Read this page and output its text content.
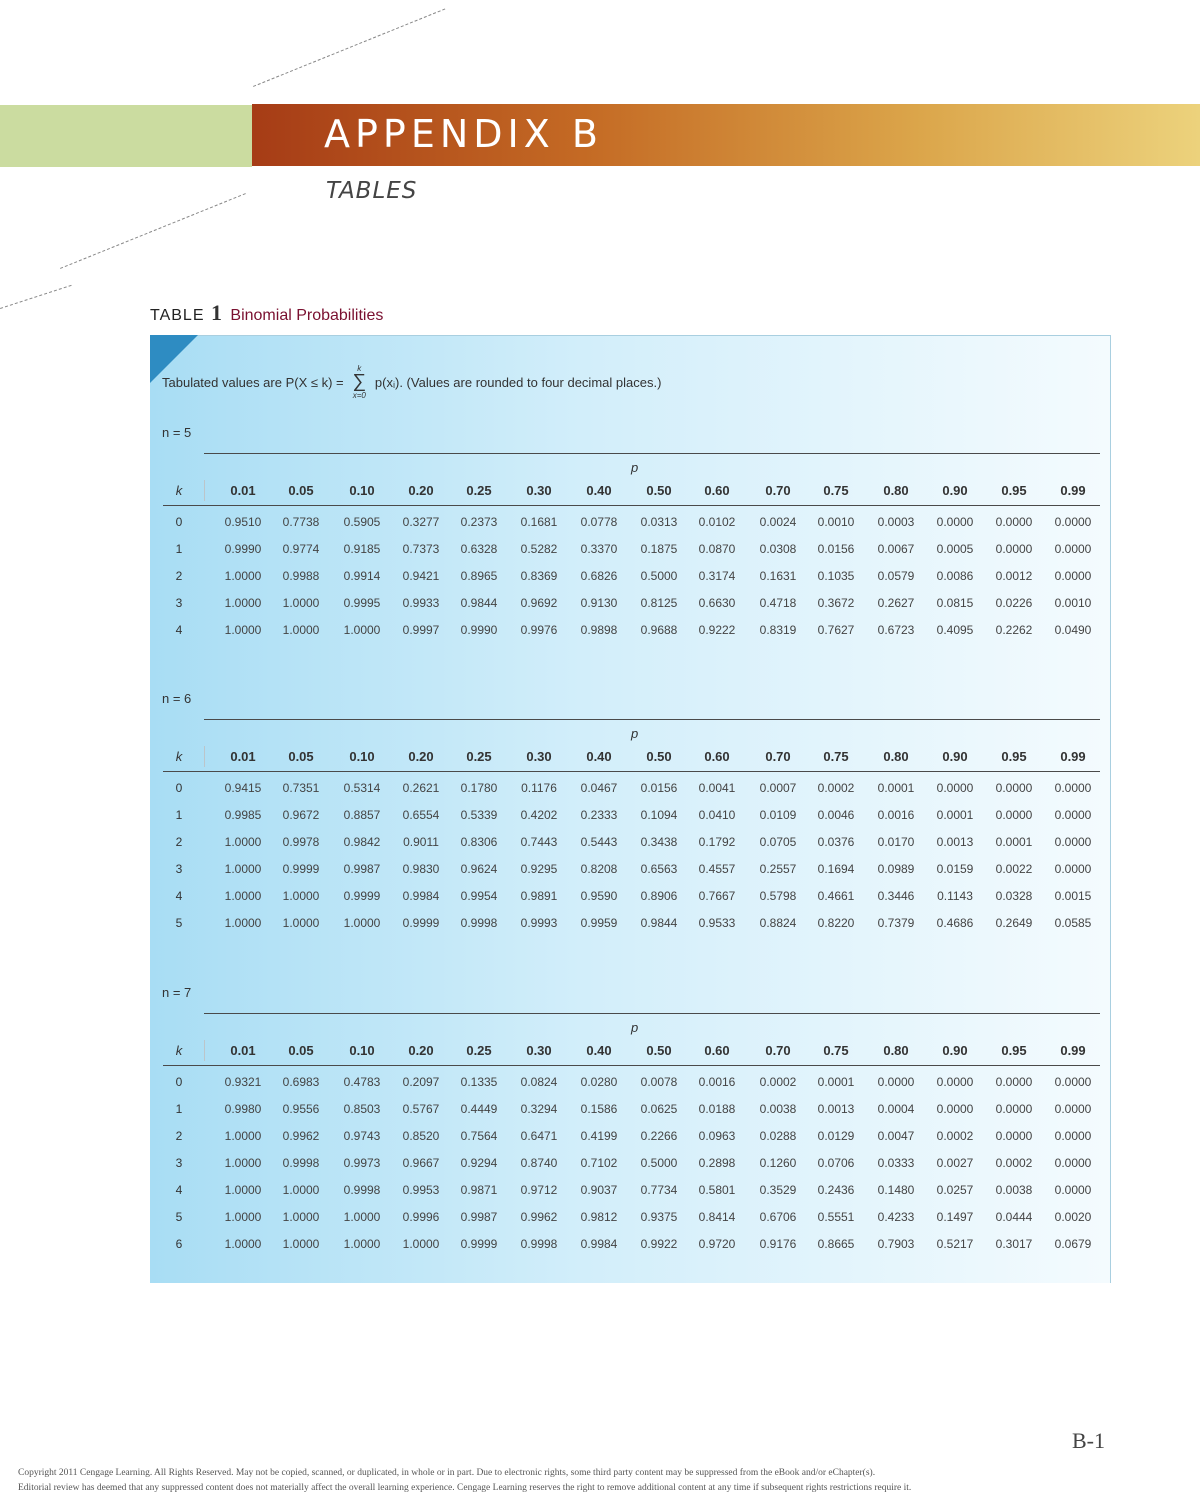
APPENDIX B
TABLES
TABLE 1 Binomial Probabilities
Tabulated values are P(X ≤ k) =
k
∑
x=0
p(xᵢ). (Values are rounded to four decimal places.)
n = 5
p
k	0.01	0.05	0.10	0.20	0.25	0.30	0.40	0.50	0.60	0.70	0.75	0.80	0.90	0.95	0.99
0	0.9510 0.7738 0.5905 0.3277 0.2373 0.1681 0.0778 0.0313 0.0102 0.0024 0.0010 0.0003 0.0000 0.0000 0.0000
1	0.9990 0.9774 0.9185 0.7373 0.6328 0.5282 0.3370 0.1875 0.0870 0.0308 0.0156 0.0067 0.0005 0.0000 0.0000
2	1.0000 0.9988 0.9914 0.9421 0.8965 0.8369 0.6826 0.5000 0.3174 0.1631 0.1035 0.0579 0.0086 0.0012 0.0000
3	1.0000 1.0000 0.9995 0.9933 0.9844 0.9692 0.9130 0.8125 0.6630 0.4718 0.3672 0.2627 0.0815 0.0226 0.0010
4	1.0000 1.0000 1.0000 0.9997 0.9990 0.9976 0.9898 0.9688 0.9222 0.8319 0.7627 0.6723 0.4095 0.2262 0.0490
n = 6
p
k	0.01	0.05	0.10	0.20	0.25	0.30	0.40	0.50	0.60	0.70	0.75	0.80	0.90	0.95	0.99
0	0.9415 0.7351 0.5314 0.2621 0.1780 0.1176 0.0467 0.0156 0.0041 0.0007 0.0002 0.0001 0.0000 0.0000 0.0000
1	0.9985 0.9672 0.8857 0.6554 0.5339 0.4202 0.2333 0.1094 0.0410 0.0109 0.0046 0.0016 0.0001 0.0000 0.0000
2	1.0000 0.9978 0.9842 0.9011 0.8306 0.7443 0.5443 0.3438 0.1792 0.0705 0.0376 0.0170 0.0013 0.0001 0.0000
3	1.0000 0.9999 0.9987 0.9830 0.9624 0.9295 0.8208 0.6563 0.4557 0.2557 0.1694 0.0989 0.0159 0.0022 0.0000
4	1.0000 1.0000 0.9999 0.9984 0.9954 0.9891 0.9590 0.8906 0.7667 0.5798 0.4661 0.3446 0.1143 0.0328 0.0015
5	1.0000 1.0000 1.0000 0.9999 0.9998 0.9993 0.9959 0.9844 0.9533 0.8824 0.8220 0.7379 0.4686 0.2649 0.0585
n = 7
p
k	0.01	0.05	0.10	0.20	0.25	0.30	0.40	0.50	0.60	0.70	0.75	0.80	0.90	0.95	0.99
0	0.9321 0.6983 0.4783 0.2097 0.1335 0.0824 0.0280 0.0078 0.0016 0.0002 0.0001 0.0000 0.0000 0.0000 0.0000
1	0.9980 0.9556 0.8503 0.5767 0.4449 0.3294 0.1586 0.0625 0.0188 0.0038 0.0013 0.0004 0.0000 0.0000 0.0000
2	1.0000 0.9962 0.9743 0.8520 0.7564 0.6471 0.4199 0.2266 0.0963 0.0288 0.0129 0.0047 0.0002 0.0000 0.0000
3	1.0000 0.9998 0.9973 0.9667 0.9294 0.8740 0.7102 0.5000 0.2898 0.1260 0.0706 0.0333 0.0027 0.0002 0.0000
4	1.0000 1.0000 0.9998 0.9953 0.9871 0.9712 0.9037 0.7734 0.5801 0.3529 0.2436 0.1480 0.0257 0.0038 0.0000
5	1.0000 1.0000 1.0000 0.9996 0.9987 0.9962 0.9812 0.9375 0.8414 0.6706 0.5551 0.4233 0.1497 0.0444 0.0020
6	1.0000 1.0000 1.0000 1.0000 0.9999 0.9998 0.9984 0.9922 0.9720 0.9176 0.8665 0.7903 0.5217 0.3017 0.0679
B-1
Copyright 2011 Cengage Learning. All Rights Reserved. May not be copied, scanned, or duplicated, in whole or in part. Due to electronic rights, some third party content may be suppressed from the eBook and/or eChapter(s).
Editorial review has deemed that any suppressed content does not materially affect the overall learning experience. Cengage Learning reserves the right to remove additional content at any time if subsequent rights restrictions require it.
